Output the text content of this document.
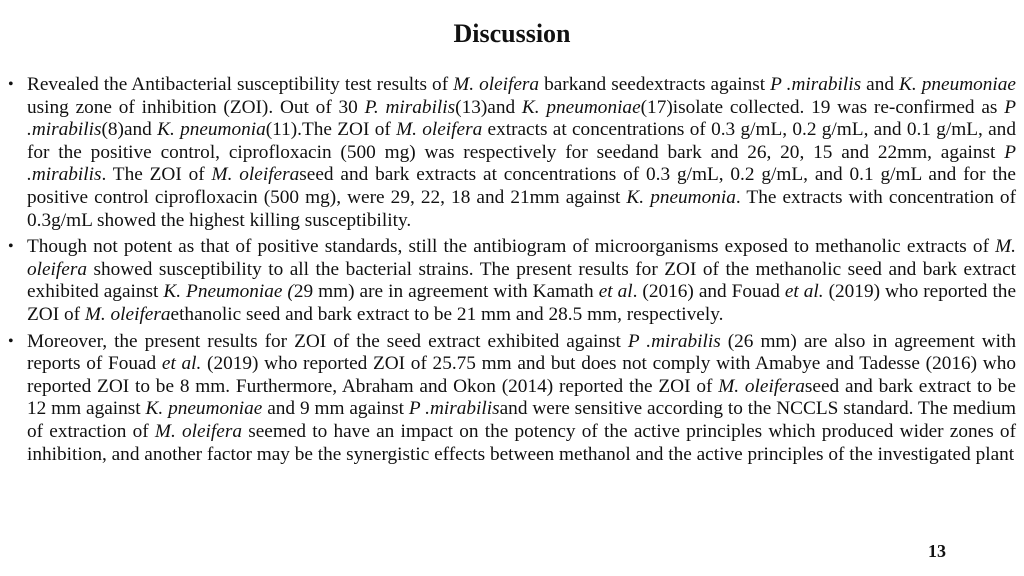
Discussion
• Revealed the Antibacterial susceptibility test results of M. oleifera barkand seedextracts against P .mirabilis and K. pneumoniae using zone of inhibition (ZOI). Out of 30 P. mirabilis(13)and K. pneumoniae(17)isolate collected. 19 was re-confirmed as P .mirabilis(8)and K. pneumonia(11).The ZOI of M. oleifera extracts at concentrations of 0.3 g/mL, 0.2 g/mL, and 0.1 g/mL, and for the positive control, ciprofloxacin (500 mg) was respectively for seedand bark and 26, 20, 15 and 22mm, against P .mirabilis. The ZOI of M. oleiferaseed and bark extracts at concentrations of 0.3 g/mL, 0.2 g/mL, and 0.1 g/mL and for the positive control ciprofloxacin (500 mg), were 29, 22, 18 and 21mm against K. pneumonia. The extracts with concentration of 0.3g/mL showed the highest killing susceptibility.
• Though not potent as that of positive standards, still the antibiogram of microorganisms exposed to methanolic extracts of M. oleifera showed susceptibility to all the bacterial strains. The present results for ZOI of the methanolic seed and bark extract exhibited against K. Pneumoniae (29 mm) are in agreement with Kamath et al. (2016) and Fouad et al. (2019) who reported the ZOI of M. oleiferaethanolic seed and bark extract to be 21 mm and 28.5 mm, respectively.
• Moreover, the present results for ZOI of the seed extract exhibited against P .mirabilis (26 mm) are also in agreement with reports of Fouad et al. (2019) who reported ZOI of 25.75 mm and but does not comply with Amabye and Tadesse (2016) who reported ZOI to be 8 mm. Furthermore, Abraham and Okon (2014) reported the ZOI of M. oleiferaseed and bark extract to be 12 mm against K. pneumoniae and 9 mm against P .mirabilisand were sensitive according to the NCCLS standard. The medium of extraction of M. oleifera seemed to have an impact on the potency of the active principles which produced wider zones of inhibition, and another factor may be the synergistic effects between methanol and the active principles of the investigated plant
13
